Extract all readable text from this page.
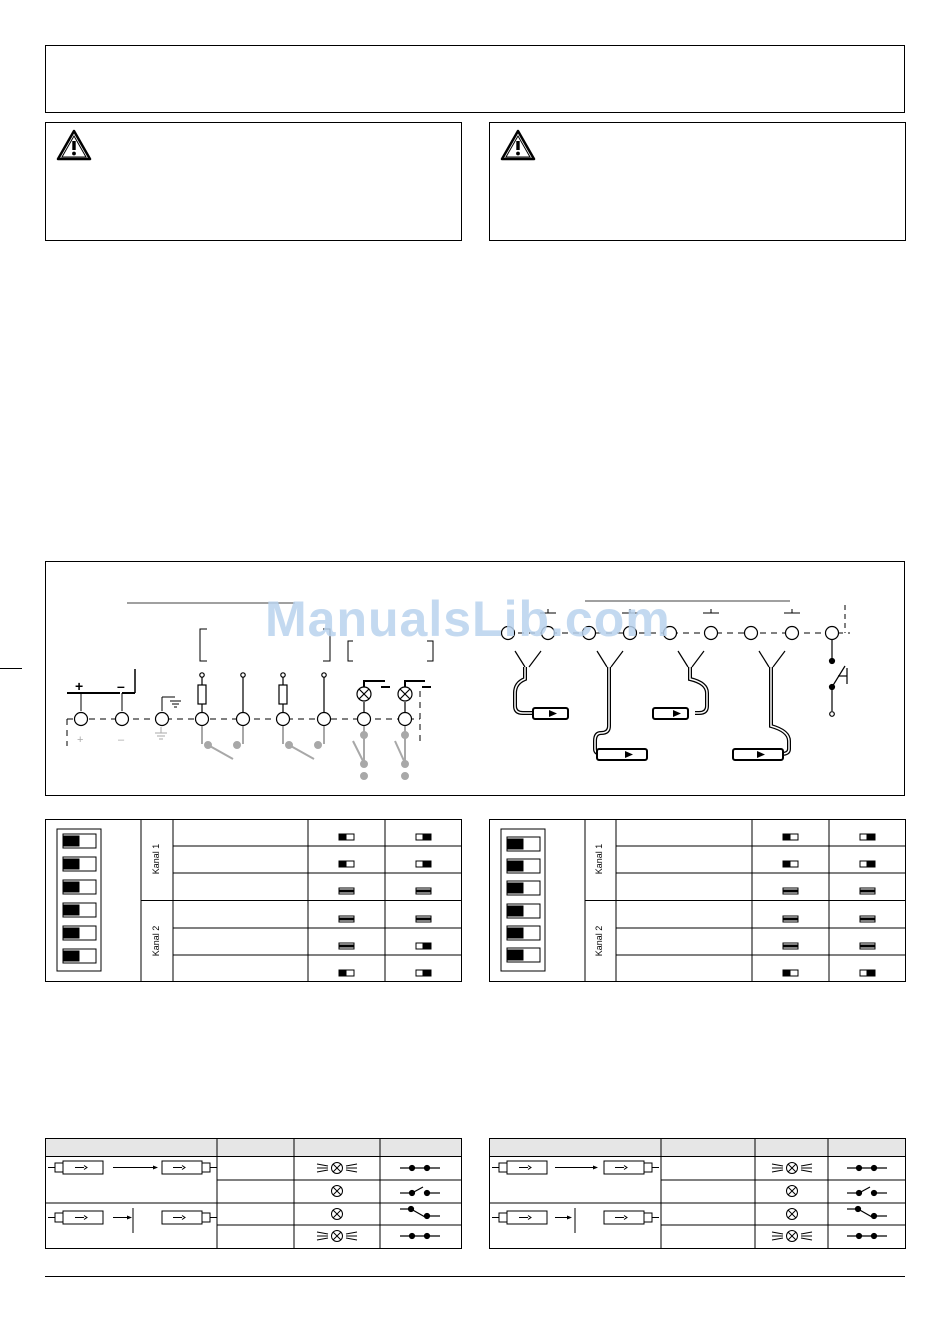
+ –
+	–
ManualsLib.com
Kanal 1
Kanal 2
Kanal 1
Kanal 2
